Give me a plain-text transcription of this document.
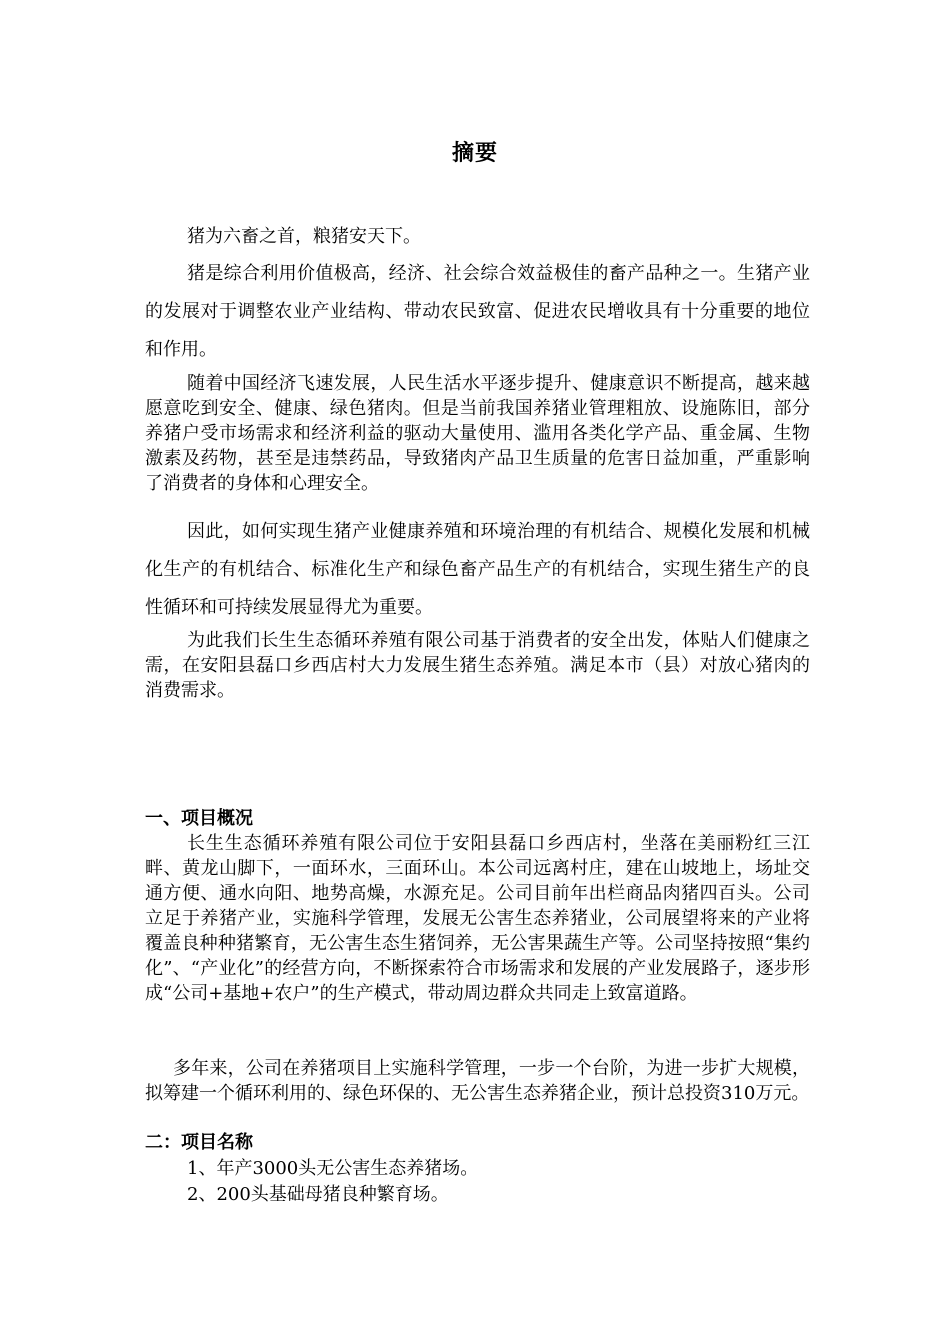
摘要

猪为六畜之首，粮猪安天下。

猪是综合利用价值极高，经济、社会综合效益极佳的畜产品种之一。生猪产业的发展对于调整农业产业结构、带动农民致富、促进农民增收具有十分重要的地位和作用。

随着中国经济飞速发展，人民生活水平逐步提升、健康意识不断提高，越来越愿意吃到安全、健康、绿色猪肉。但是当前我国养猪业管理粗放、设施陈旧，部分养猪户受市场需求和经济利益的驱动大量使用、滥用各类化学产品、重金属、生物激素及药物，甚至是违禁药品，导致猪肉产品卫生质量的危害日益加重，严重影响了消费者的身体和心理安全。

因此，如何实现生猪产业健康养殖和环境治理的有机结合、规模化发展和机械化生产的有机结合、标准化生产和绿色畜产品生产的有机结合，实现生猪生产的良性循环和可持续发展显得尤为重要。

为此我们长生生态循环养殖有限公司基于消费者的安全出发，体贴人们健康之需，在安阳县磊口乡西店村大力发展生猪生态养殖。满足本市（县）对放心猪肉的消费需求。

一、项目概况

长生生态循环养殖有限公司位于安阳县磊口乡西店村，坐落在美丽粉红三江畔、黄龙山脚下，一面环水，三面环山。本公司远离村庄，建在山坡地上，场址交通方便、通水向阳、地势高燥，水源充足。公司目前年出栏商品肉猪四百头。公司立足于养猪产业，实施科学管理，发展无公害生态养猪业，公司展望将来的产业将覆盖良种种猪繁育，无公害生态生猪饲养，无公害果蔬生产等。公司坚持按照“集约化”、“产业化”的经营方向，不断探索符合市场需求和发展的产业发展路子，逐步形成“公司+基地+农户”的生产模式，带动周边群众共同走上致富道路。

多年来，公司在养猪项目上实施科学管理，一步一个台阶，为进一步扩大规模，拟筹建一个循环利用的、绿色环保的、无公害生态养猪企业，预计总投资310万元。

二：项目名称

1、年产3000头无公害生态养猪场。

2、200头基础母猪良种繁育场。
